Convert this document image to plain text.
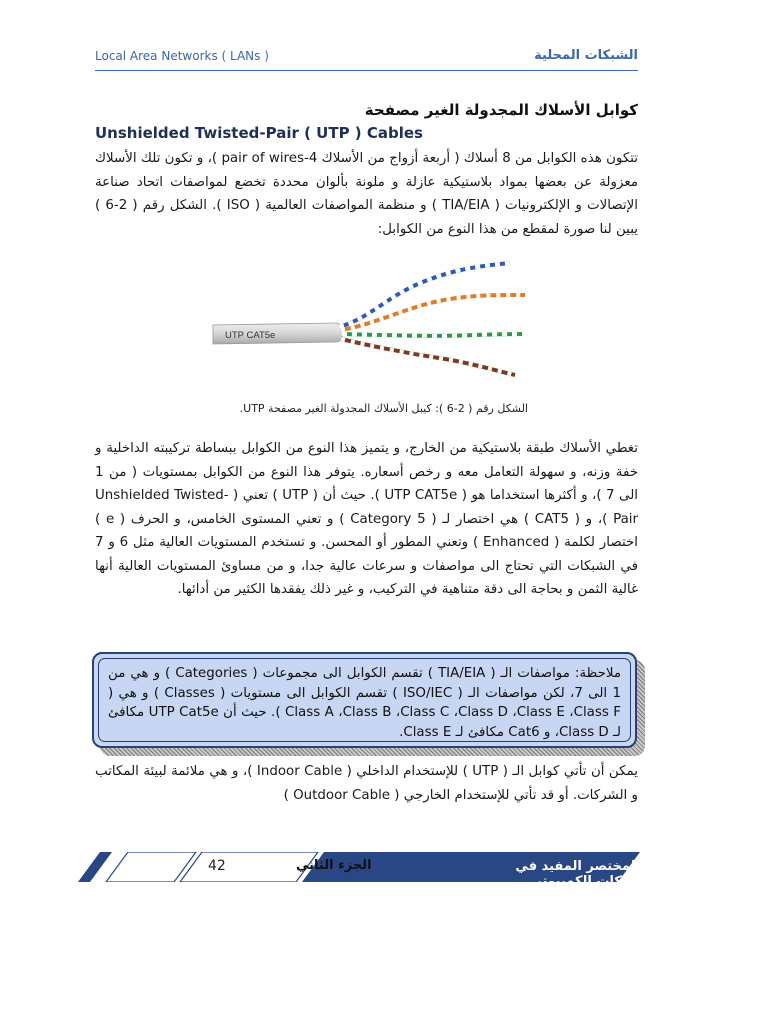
Local Area Networks ( LANs )	الشبكات المحلية
كوابل الأسلاك المجدولة الغير مصفحة
Unshielded Twisted-Pair ( UTP ) Cables
تتكون هذه الكوابل من 8 أسلاك ( أربعة أزواج من الأسلاك 4-pair of wires )، و تكون تلك الأسلاك معزولة عن بعضها بمواد بلاستيكية عازلة و ملونة بألوان محددة تخضع لمواصفات اتحاد صناعة الإتصالات و الإلكترونيات ( TIA/EIA ) و منظمة المواصفات العالمية ( ISO ). الشكل رقم ( 2-6 ) يبين لنا صورة لمقطع من هذا النوع من الكوابل:
UTP CAT5e
الشكل رقم ( 2-6 ): كيبل الأسلاك المجدولة الغير مصفحة UTP.
تغطي الأسلاك طبقة بلاستيكية من الخارج، و يتميز هذا النوع من الكوابل ببساطة تركيبته الداخلية و خفة وزنه، و سهولة التعامل معه و رخص أسعاره. يتوفر هذا النوع من الكوابل بمستويات ( من 1 الى 7 )، و أكثرها استخداما هو ( UTP CAT5e ). حيث أن ( UTP ) تعني ( Unshielded Twisted-Pair )، و ( CAT5 ) هي اختصار لـ ( Category 5 ) و تعني المستوى الخامس، و الحرف ( e ) اختصار لكلمة ( Enhanced ) وتعني المطور أو المحسن. و تستخدم المستويات العالية مثل 6 و 7 في الشبكات التي تحتاج الى مواصفات و سرعات عالية جدا، و من مساوئ المستويات العالية أنها غالية الثمن و بحاجة الى دقة متناهية في التركيب، و غير ذلك يفقدها الكثير من أدائها.
ملاحظة: مواصفات الـ ( TIA/EIA ) تقسم الكوابل الى مجموعات ( Categories ) و هي من 1 الى 7، لكن مواصفات الـ ( ISO/IEC ) تقسم الكوابل الى مستويات ( Classes ) و هي ( Class A ،Class B ،Class C ،Class D ،Class E ،Class F ). حيث أن UTP Cat5e مكافئ لـ Class D، و Cat6 مكافئ لـ Class E.
يمكن أن تأتي كوابل الـ ( UTP ) للإستخدام الداخلي ( Indoor Cable )، و هي ملائمة لبيئة المكاتب و الشركات. أو قد تأتي للإستخدام الخارجي ( Outdoor Cable )
42	الجزء الثاني	المختصر المفيد في شبكات الكمبيوتر
